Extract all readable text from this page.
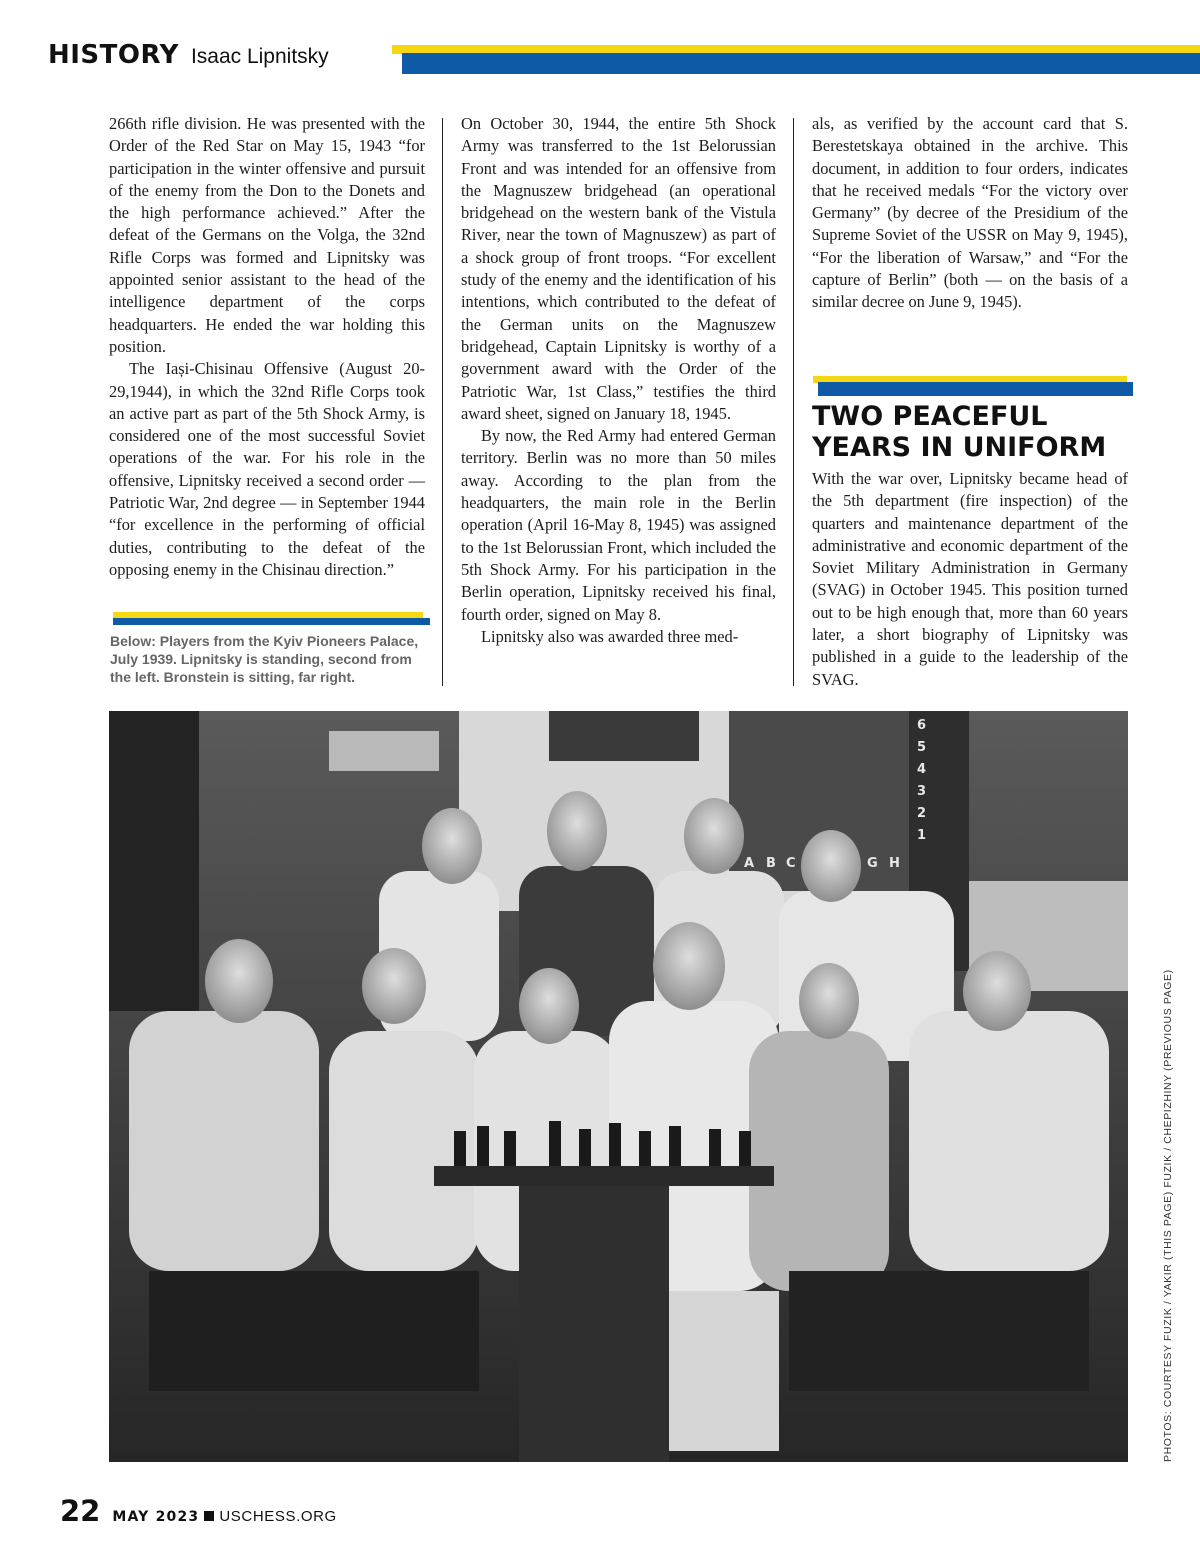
HISTORY Isaac Lipnitsky

266th rifle division. He was presented with the Order of the Red Star on May 15, 1943 “for participation in the winter offensive and pursuit of the enemy from the Don to the Donets and the high performance achieved.” After the defeat of the Germans on the Volga, the 32nd Rifle Corps was formed and Lipnitsky was appointed senior assistant to the head of the intelligence department of the corps headquarters. He ended the war holding this position.

The Iași-Chisinau Offensive (August 20-29,1944), in which the 32nd Rifle Corps took an active part as part of the 5th Shock Army, is considered one of the most successful Soviet operations of the war. For his role in the offensive, Lipnitsky received a second order — Patriotic War, 2nd degree — in September 1944 “for excellence in the performing of official duties, contributing to the defeat of the opposing enemy in the Chisinau direction.”

Below: Players from the Kyiv Pioneers Palace, July 1939. Lipnitsky is standing, second from the left. Bronstein is sitting, far right.

On October 30, 1944, the entire 5th Shock Army was transferred to the 1st Belorussian Front and was intended for an offensive from the Magnuszew bridgehead (an operational bridgehead on the western bank of the Vistula River, near the town of Magnuszew) as part of a shock group of front troops. “For excellent study of the enemy and the identification of his intentions, which contributed to the defeat of the German units on the Magnuszew bridgehead, Captain Lipnitsky is worthy of a government award with the Order of the Patriotic War, 1st Class,” testifies the third award sheet, signed on January 18, 1945.

By now, the Red Army had entered German territory. Berlin was no more than 50 miles away. According to the plan from the headquarters, the main role in the Berlin operation (April 16-May 8, 1945) was assigned to the 1st Belorussian Front, which included the 5th Shock Army. For his participation in the Berlin operation, Lipnitsky received his final, fourth order, signed on May 8.

Lipnitsky also was awarded three med-

als, as verified by the account card that S. Berestetskaya obtained in the archive. This document, in addition to four orders, indicates that he received medals “For the victory over Germany” (by decree of the Presidium of the Supreme Soviet of the USSR on May 9, 1945), “For the liberation of Warsaw,” and “For the capture of Berlin” (both — on the basis of a similar decree on June 9, 1945).

TWO PEACEFUL YEARS IN UNIFORM

With the war over, Lipnitsky became head of the 5th department (fire inspection) of the quarters and maintenance department of the administrative and economic department of the Soviet Military Administration in Germany (SVAG) in October 1945. This position turned out to be high enough that, more than 60 years later, a short biography of Lipnitsky was published in a guide to the leadership of the SVAG.

A B C	G H
6
5
4
3
2
1
PHOTOS: COURTESY FUZIK / YAKIR (THIS PAGE) FUZIK / CHEPIZHINY (PREVIOUS PAGE)
22 MAY 2023 USCHESS.ORG
